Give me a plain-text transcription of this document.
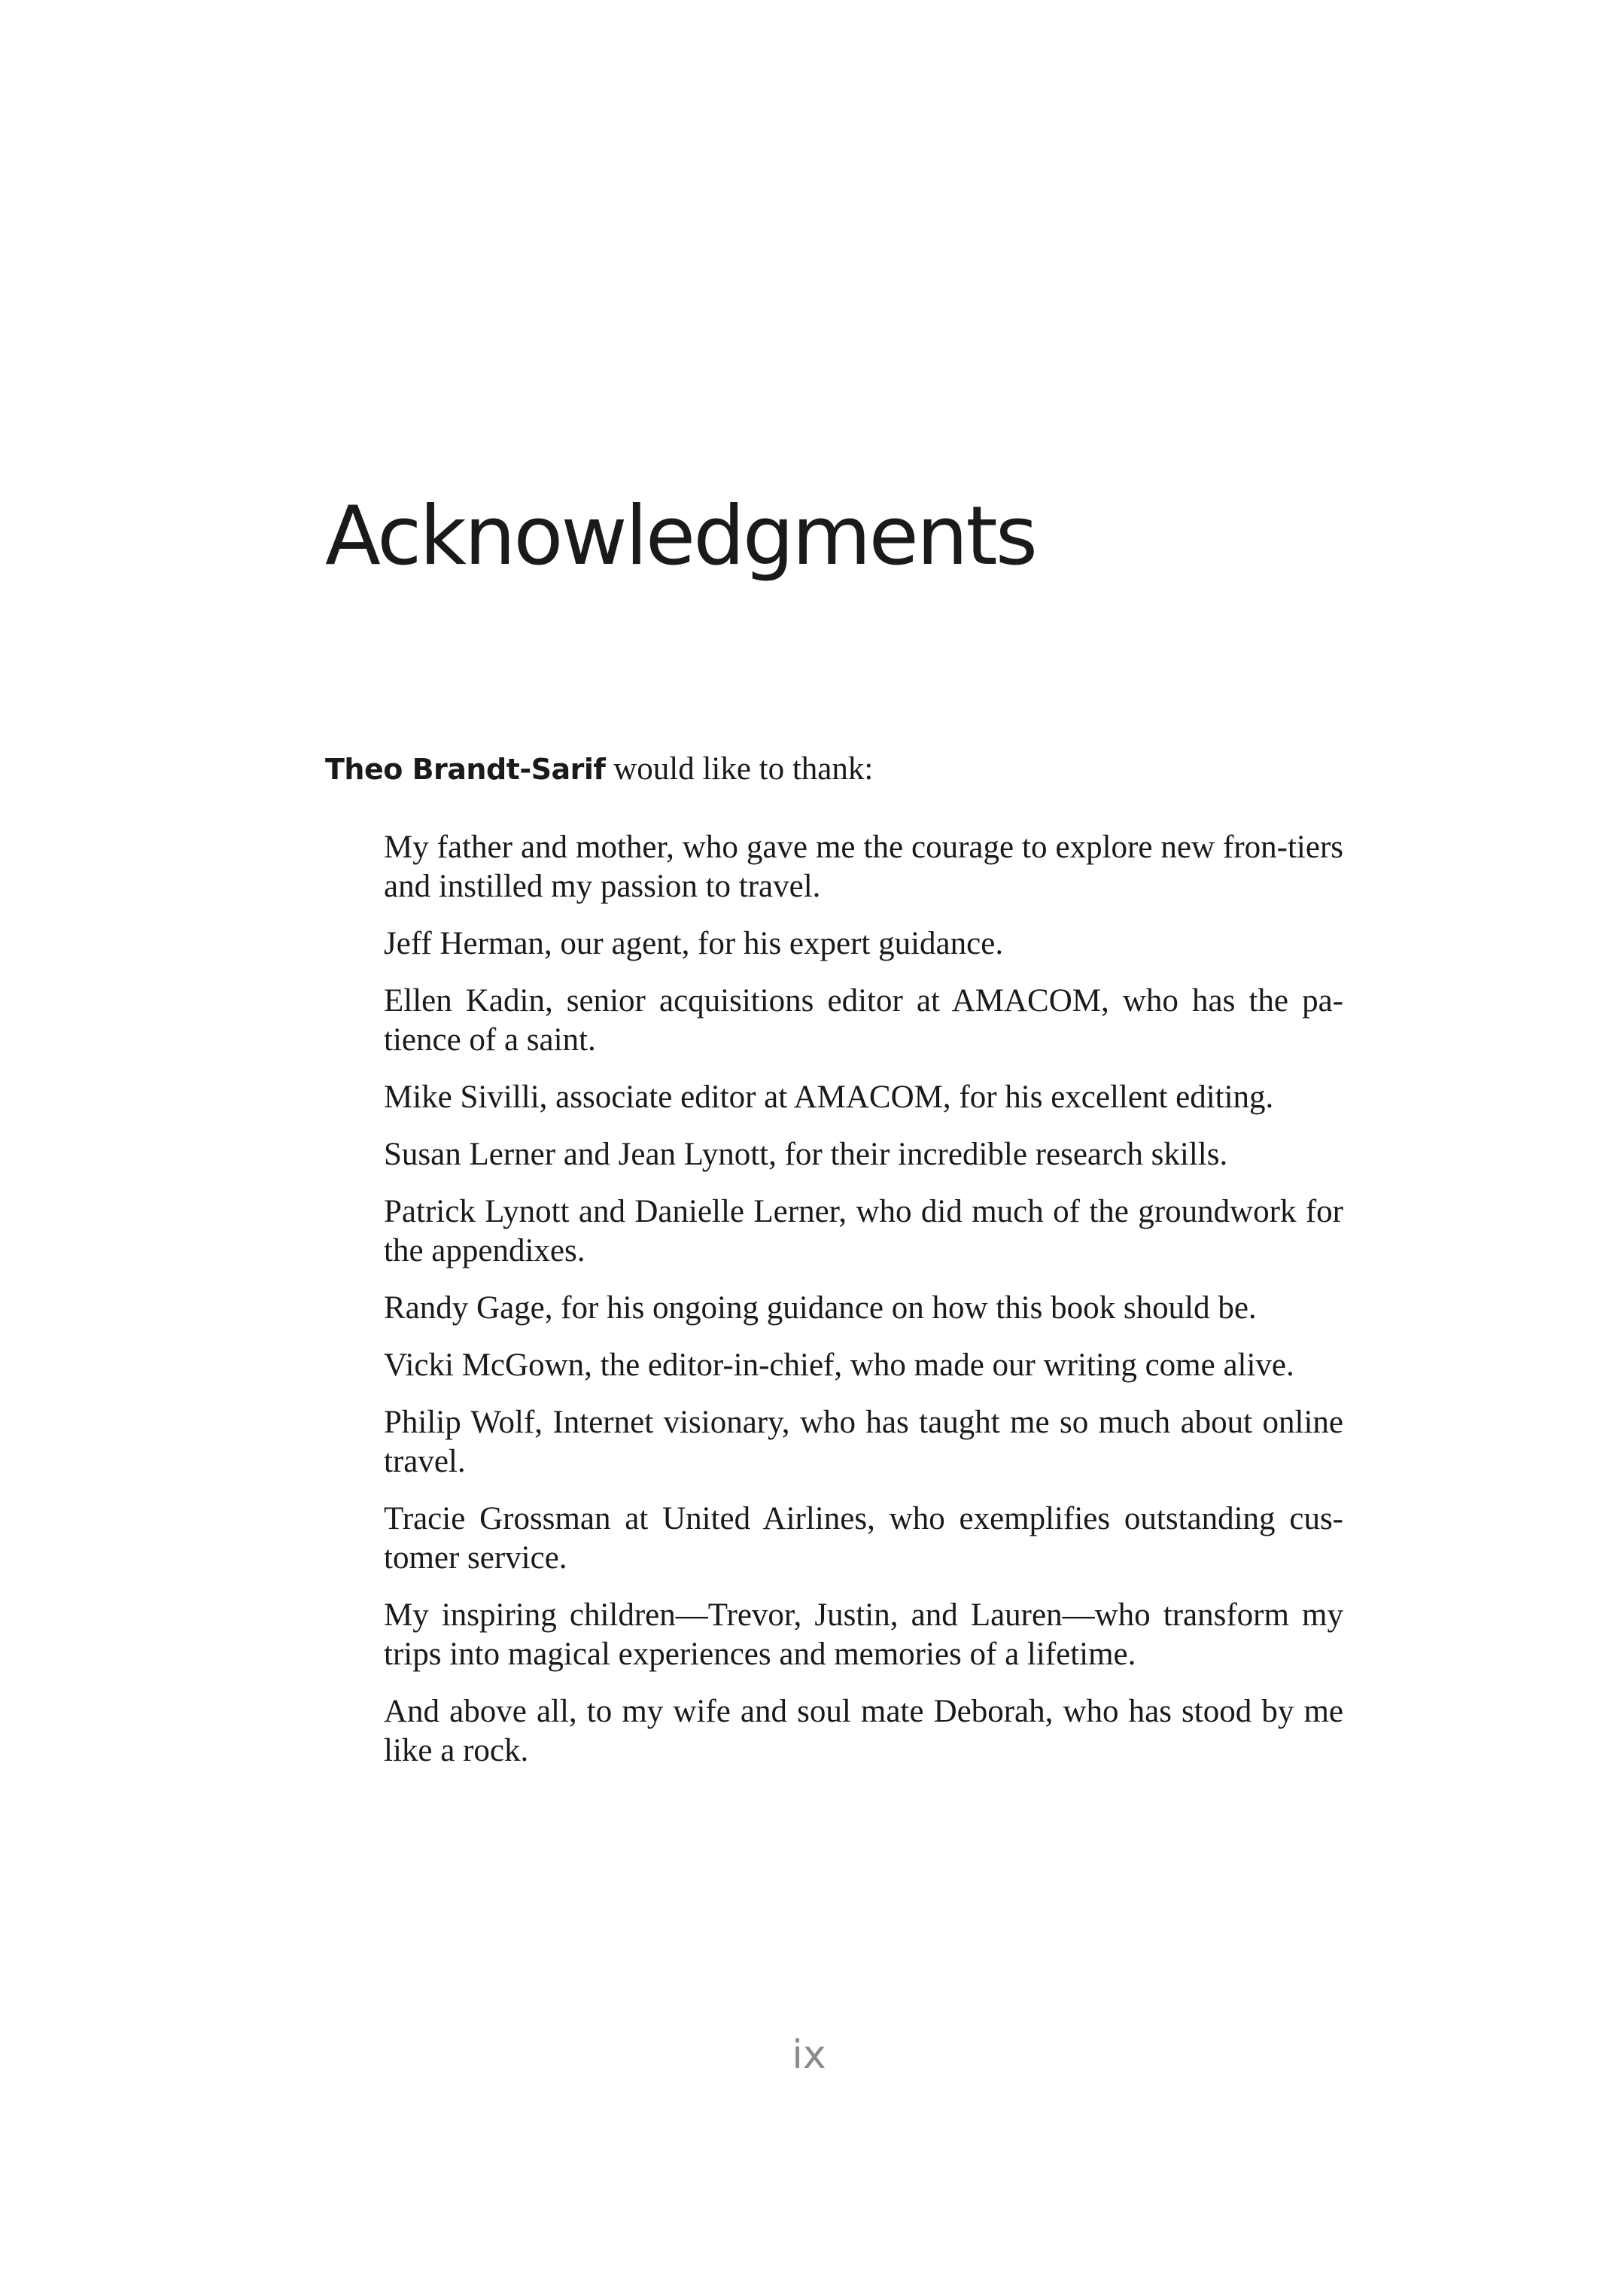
Acknowledgments

Theo Brandt-Sarif would like to thank:

My father and mother, who gave me the courage to explore new fron-tiers and instilled my passion to travel.
Jeff Herman, our agent, for his expert guidance.
Ellen Kadin, senior acquisitions editor at AMACOM, who has the pa-tience of a saint.
Mike Sivilli, associate editor at AMACOM, for his excellent editing.
Susan Lerner and Jean Lynott, for their incredible research skills.
Patrick Lynott and Danielle Lerner, who did much of the groundwork for the appendixes.
Randy Gage, for his ongoing guidance on how this book should be.
Vicki McGown, the editor-in-chief, who made our writing come alive.
Philip Wolf, Internet visionary, who has taught me so much about online travel.
Tracie Grossman at United Airlines, who exemplifies outstanding cus-tomer service.
My inspiring children—Trevor, Justin, and Lauren—who transform my trips into magical experiences and memories of a lifetime.
And above all, to my wife and soul mate Deborah, who has stood by me like a rock.

ix
